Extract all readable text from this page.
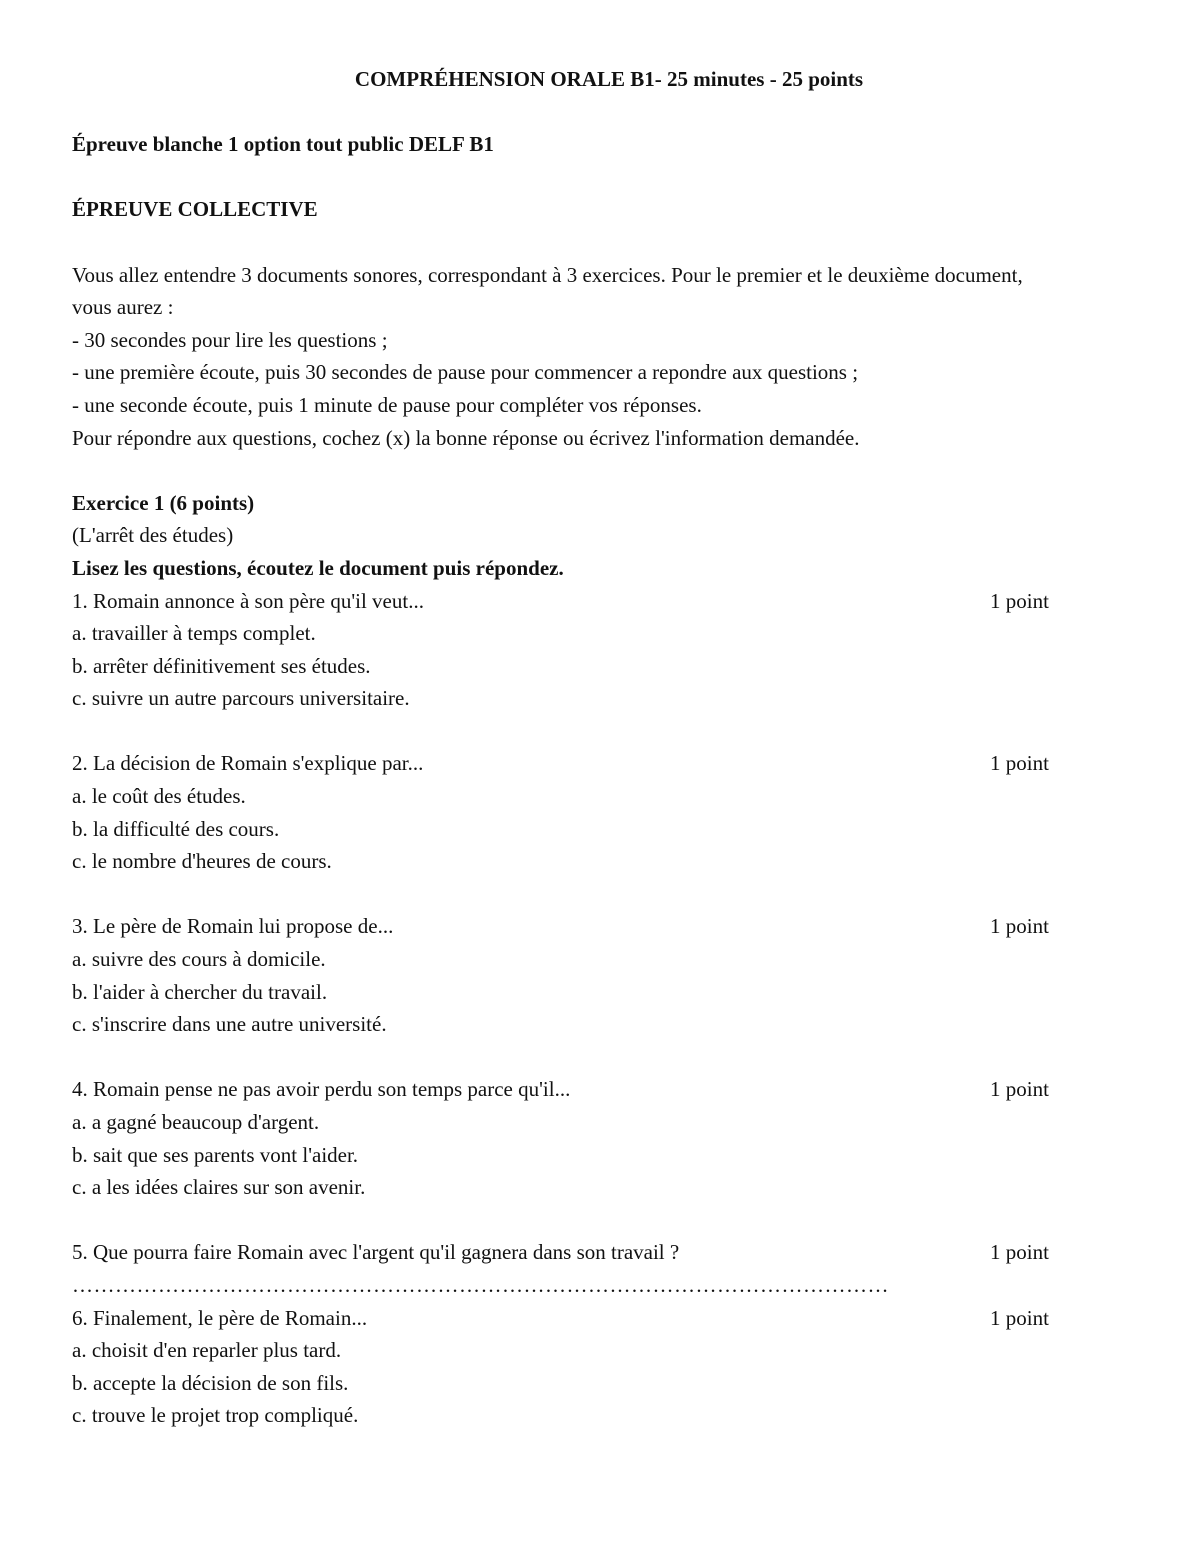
COMPRÉHENSION ORALE B1- 25 minutes - 25 points
Épreuve blanche 1 option tout public DELF B1
ÉPREUVE COLLECTIVE
Vous allez entendre 3 documents sonores, correspondant à 3 exercices. Pour le premier et le deuxième document,
vous aurez :
- 30 secondes pour lire les questions ;
- une première écoute, puis 30 secondes de pause pour commencer a repondre aux questions ;
- une seconde écoute, puis 1 minute de pause pour compléter vos réponses.
Pour répondre aux questions, cochez (x) la bonne réponse ou écrivez l'information demandée.
Exercice 1 (6 points)
(L'arrêt des études)
Lisez les questions, écoutez le document puis répondez.
1. Romain annonce à son père qu'il veut...	1 point
a. travailler à temps complet.
b. arrêter définitivement ses études.
c. suivre un autre parcours universitaire.
2. La décision de Romain s'explique par...	1 point
a. le coût des études.
b. la difficulté des cours.
c. le nombre d'heures de cours.
3. Le père de Romain lui propose de...	1 point
a. suivre des cours à domicile.
b. l'aider à chercher du travail.
c. s'inscrire dans une autre université.
4. Romain pense ne pas avoir perdu son temps parce qu'il...	1 point
a. a gagné beaucoup d'argent.
b. sait que ses parents vont l'aider.
c. a les idées claires sur son avenir.
5. Que pourra faire Romain avec l'argent qu'il gagnera dans son travail ?	1 point
……………………………………………………………………………………………………
6. Finalement, le père de Romain...	1 point
a. choisit d'en reparler plus tard.
b. accepte la décision de son fils.
c. trouve le projet trop compliqué.
